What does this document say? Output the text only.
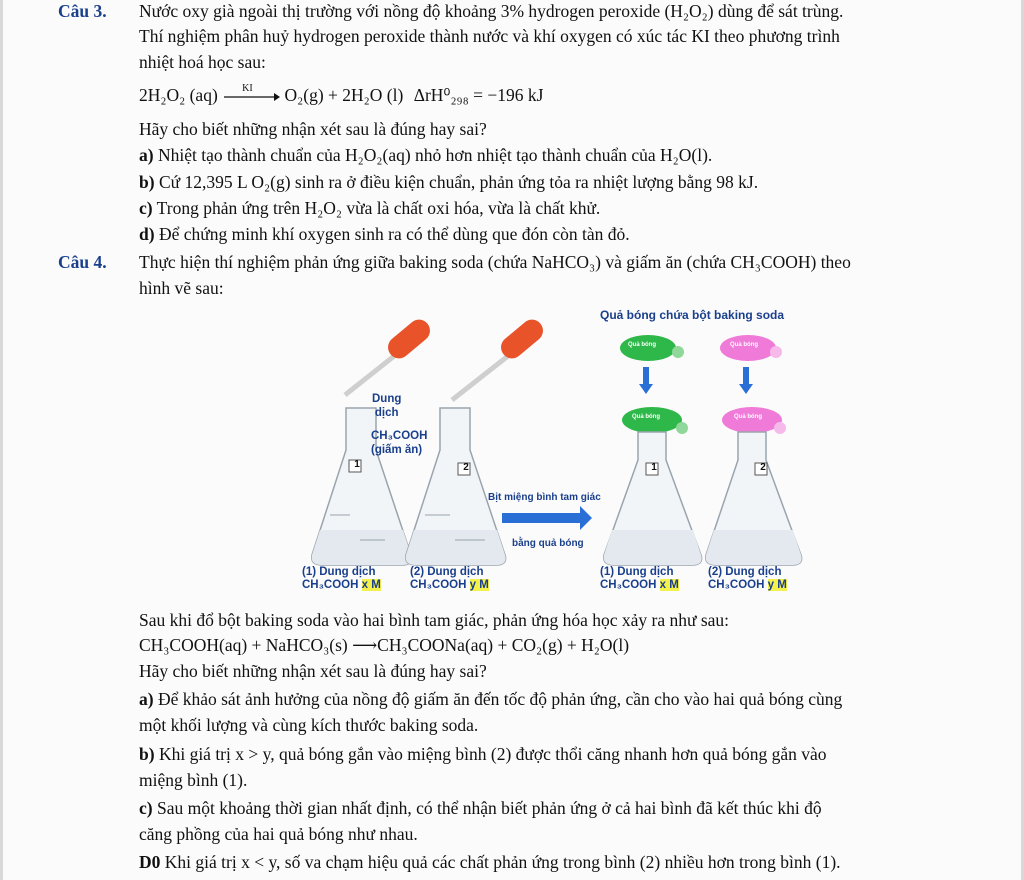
Câu 3. Nước oxy già ngoài thị trường với nồng độ khoảng 3% hydrogen peroxide (H₂O₂) dùng để sát trùng.
Thí nghiệm phân huỷ hydrogen peroxide thành nước và khí oxygen có xúc tác KI theo phương trình
nhiệt hoá học sau:
2H₂O₂ (aq) KI O₂(g) + 2H₂O (l) ΔrH⁰₂₉₈ = −196 kJ
Hãy cho biết những nhận xét sau là đúng hay sai?
a) Nhiệt tạo thành chuẩn của H₂O₂(aq) nhỏ hơn nhiệt tạo thành chuẩn của H₂O(l).
b) Cứ 12,395 L O₂(g) sinh ra ở điều kiện chuẩn, phản ứng tỏa ra nhiệt lượng bằng 98 kJ.
c) Trong phản ứng trên H₂O₂ vừa là chất oxi hóa, vừa là chất khử.
d) Để chứng minh khí oxygen sinh ra có thể dùng que đón còn tàn đỏ.
Câu 4. Thực hiện thí nghiệm phản ứng giữa baking soda (chứa NaHCO₃) và giấm ăn (chứa CH₃COOH) theo
hình vẽ sau:
1	2	1	2
Dung
dịch
CH₃COOH
(giấm ăn)
Quả bóng chứa bột baking soda
Quả bóng	Quả bóng
Quả bóng	Quả bóng
Bịt miệng bình tam giác
bằng quả bóng
(1) Dung dịch
CH₃COOH x M
(2) Dung dịch
CH₃COOH y M
(1) Dung dịch
CH₃COOH x M
(2) Dung dịch
CH₃COOH y M
Sau khi đổ bột baking soda vào hai bình tam giác, phản ứng hóa học xảy ra như sau:
CH₃COOH(aq) + NaHCO₃(s) ⟶CH₃COONa(aq) + CO₂(g) + H₂O(l)
Hãy cho biết những nhận xét sau là đúng hay sai?
a) Để khảo sát ảnh hưởng của nồng độ giấm ăn đến tốc độ phản ứng, cần cho vào hai quả bóng cùng
một khối lượng và cùng kích thước baking soda.
b) Khi giá trị x > y, quả bóng gắn vào miệng bình (2) được thổi căng nhanh hơn quả bóng gắn vào
miệng bình (1).
c) Sau một khoảng thời gian nhất định, có thể nhận biết phản ứng ở cả hai bình đã kết thúc khi độ
căng phồng của hai quả bóng như nhau.
D0 Khi giá trị x < y, số va chạm hiệu quả các chất phản ứng trong bình (2) nhiều hơn trong bình (1).
